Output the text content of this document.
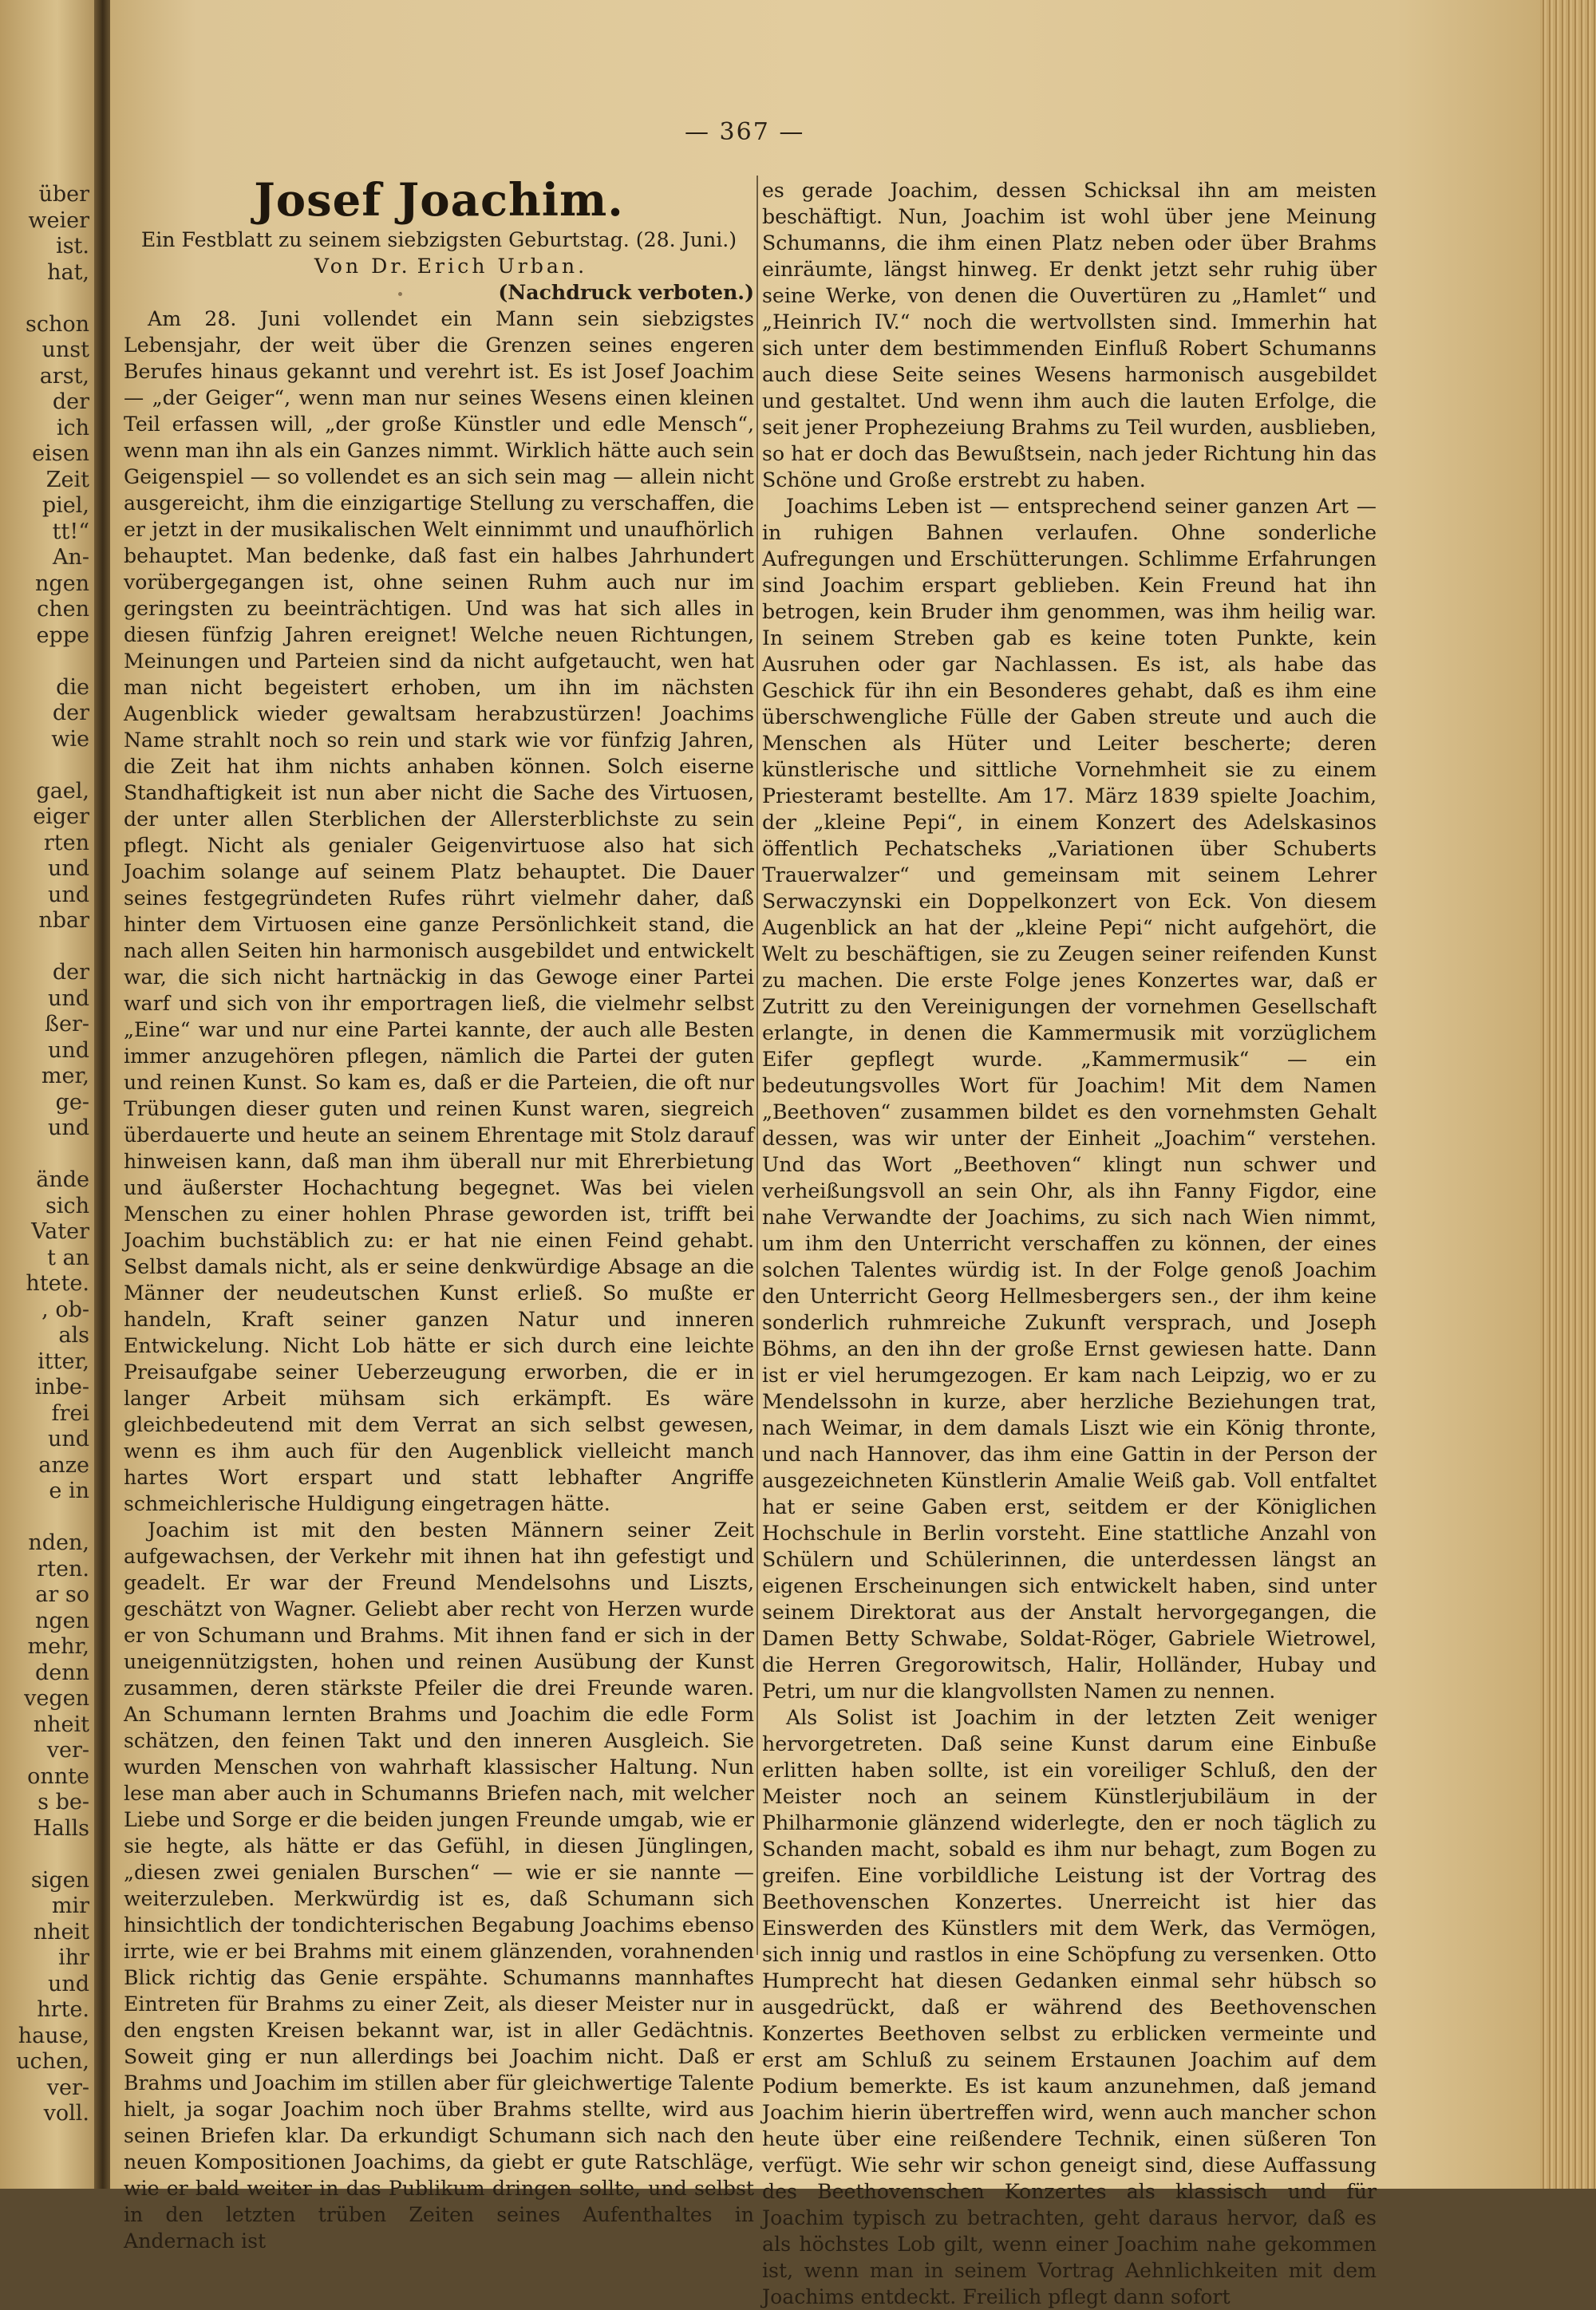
über
weier
ist.
hat,
schon
unst
arst,
der
ich
eisen
Zeit
piel,
tt!“
An-
ngen
chen
eppe
die
der
wie
gael,
eiger
rten
und
und
nbar
der
und
ßer-
und
mer,
ge-
und
ände
sich
Vater
t an
htete.
, ob-
als
itter,
inbe-
frei
und
anze
e in
nden,
rten.
ar so
ngen
mehr,
denn
vegen
nheit
ver-
onnte
s be-
Halls
sigen
mir
nheit
ihr
und
hrte.
hause,
uchen,
ver-
voll.
— 367 —
Josef Joachim.

Ein Festblatt zu seinem siebzigsten Geburtstag. (28. Juni.)

Von Dr. Erich Urban.

(Nachdruck verboten.)

Am 28. Juni vollendet ein Mann sein siebzigstes Lebensjahr, der weit über die Grenzen seines engeren Berufes hinaus gekannt und verehrt ist. Es ist Josef Joachim — „der Geiger“, wenn man nur seines Wesens einen kleinen Teil erfassen will, „der große Künstler und edle Mensch“, wenn man ihn als ein Ganzes nimmt. Wirklich hätte auch sein Geigenspiel — so vollendet es an sich sein mag — allein nicht ausgereicht, ihm die einzigartige Stellung zu verschaffen, die er jetzt in der musikalischen Welt einnimmt und unaufhörlich behauptet. Man bedenke, daß fast ein halbes Jahrhundert vorübergegangen ist, ohne seinen Ruhm auch nur im geringsten zu beeinträchtigen. Und was hat sich alles in diesen fünfzig Jahren ereignet! Welche neuen Richtungen, Meinungen und Parteien sind da nicht aufgetaucht, wen hat man nicht begeistert erhoben, um ihn im nächsten Augenblick wieder gewaltsam herabzustürzen! Joachims Name strahlt noch so rein und stark wie vor fünfzig Jahren, die Zeit hat ihm nichts anhaben können. Solch eiserne Standhaftigkeit ist nun aber nicht die Sache des Virtuosen, der unter allen Sterblichen der Allersterblichste zu sein pflegt. Nicht als genialer Geigenvirtuose also hat sich Joachim solange auf seinem Platz behauptet. Die Dauer seines festgegründeten Rufes rührt vielmehr daher, daß hinter dem Virtuosen eine ganze Persönlichkeit stand, die nach allen Seiten hin harmonisch ausgebildet und entwickelt war, die sich nicht hartnäckig in das Gewoge einer Partei warf und sich von ihr emportragen ließ, die vielmehr selbst „Eine“ war und nur eine Partei kannte, der auch alle Besten immer anzugehören pflegen, nämlich die Partei der guten und reinen Kunst. So kam es, daß er die Parteien, die oft nur Trübungen dieser guten und reinen Kunst waren, siegreich überdauerte und heute an seinem Ehrentage mit Stolz darauf hinweisen kann, daß man ihm überall nur mit Ehrerbietung und äußerster Hochachtung begegnet. Was bei vielen Menschen zu einer hohlen Phrase geworden ist, trifft bei Joachim buchstäblich zu: er hat nie einen Feind gehabt. Selbst damals nicht, als er seine denkwürdige Absage an die Männer der neudeutschen Kunst erließ. So mußte er handeln, Kraft seiner ganzen Natur und inneren Entwickelung. Nicht Lob hätte er sich durch eine leichte Preisaufgabe seiner Ueberzeugung erworben, die er in langer Arbeit mühsam sich erkämpft. Es wäre gleichbedeutend mit dem Verrat an sich selbst gewesen, wenn es ihm auch für den Augenblick vielleicht manch hartes Wort erspart und statt lebhafter Angriffe schmeichlerische Huldigung eingetragen hätte.

Joachim ist mit den besten Männern seiner Zeit aufgewachsen, der Verkehr mit ihnen hat ihn gefestigt und geadelt. Er war der Freund Mendelsohns und Liszts, geschätzt von Wagner. Geliebt aber recht von Herzen wurde er von Schumann und Brahms. Mit ihnen fand er sich in der uneigennützigsten, hohen und reinen Ausübung der Kunst zusammen, deren stärkste Pfeiler die drei Freunde waren. An Schumann lernten Brahms und Joachim die edle Form schätzen, den feinen Takt und den inneren Ausgleich. Sie wurden Menschen von wahrhaft klassischer Haltung. Nun lese man aber auch in Schumanns Briefen nach, mit welcher Liebe und Sorge er die beiden jungen Freunde umgab, wie er sie hegte, als hätte er das Gefühl, in diesen Jünglingen, „diesen zwei genialen Burschen“ — wie er sie nannte — weiterzuleben. Merkwürdig ist es, daß Schumann sich hinsichtlich der tondichterischen Begabung Joachims ebenso irrte, wie er bei Brahms mit einem glänzenden, vorahnenden Blick richtig das Genie erspähte. Schumanns mannhaftes Eintreten für Brahms zu einer Zeit, als dieser Meister nur in den engsten Kreisen bekannt war, ist in aller Gedächtnis. Soweit ging er nun allerdings bei Joachim nicht. Daß er Brahms und Joachim im stillen aber für gleichwertige Talente hielt, ja sogar Joachim noch über Brahms stellte, wird aus seinen Briefen klar. Da erkundigt Schumann sich nach den neuen Kompositionen Joachims, da giebt er gute Ratschläge, wie er bald weiter in das Publikum dringen sollte, und selbst in den letzten trüben Zeiten seines Aufenthaltes in Andernach ist

es gerade Joachim, dessen Schicksal ihn am meisten beschäftigt. Nun, Joachim ist wohl über jene Meinung Schumanns, die ihm einen Platz neben oder über Brahms einräumte, längst hinweg. Er denkt jetzt sehr ruhig über seine Werke, von denen die Ouvertüren zu „Hamlet“ und „Heinrich IV.“ noch die wertvollsten sind. Immerhin hat sich unter dem bestimmenden Einfluß Robert Schumanns auch diese Seite seines Wesens harmonisch ausgebildet und gestaltet. Und wenn ihm auch die lauten Erfolge, die seit jener Prophezeiung Brahms zu Teil wurden, ausblieben, so hat er doch das Bewußtsein, nach jeder Richtung hin das Schöne und Große erstrebt zu haben.

Joachims Leben ist — entsprechend seiner ganzen Art — in ruhigen Bahnen verlaufen. Ohne sonderliche Aufregungen und Erschütterungen. Schlimme Erfahrungen sind Joachim erspart geblieben. Kein Freund hat ihn betrogen, kein Bruder ihm genommen, was ihm heilig war. In seinem Streben gab es keine toten Punkte, kein Ausruhen oder gar Nachlassen. Es ist, als habe das Geschick für ihn ein Besonderes gehabt, daß es ihm eine überschwengliche Fülle der Gaben streute und auch die Menschen als Hüter und Leiter bescherte; deren künstlerische und sittliche Vornehmheit sie zu einem Priesteramt bestellte. Am 17. März 1839 spielte Joachim, der „kleine Pepi“, in einem Konzert des Adelskasinos öffentlich Pechatscheks „Variationen über Schuberts Trauerwalzer“ und gemeinsam mit seinem Lehrer Serwaczynski ein Doppelkonzert von Eck. Von diesem Augenblick an hat der „kleine Pepi“ nicht aufgehört, die Welt zu beschäftigen, sie zu Zeugen seiner reifenden Kunst zu machen. Die erste Folge jenes Konzertes war, daß er Zutritt zu den Vereinigungen der vornehmen Gesellschaft erlangte, in denen die Kammermusik mit vorzüglichem Eifer gepflegt wurde. „Kammermusik“ — ein bedeutungsvolles Wort für Joachim! Mit dem Namen „Beethoven“ zusammen bildet es den vornehmsten Gehalt dessen, was wir unter der Einheit „Joachim“ verstehen. Und das Wort „Beethoven“ klingt nun schwer und verheißungsvoll an sein Ohr, als ihn Fanny Figdor, eine nahe Verwandte der Joachims, zu sich nach Wien nimmt, um ihm den Unterricht verschaffen zu können, der eines solchen Talentes würdig ist. In der Folge genoß Joachim den Unterricht Georg Hellmesbergers sen., der ihm keine sonderlich ruhmreiche Zukunft versprach, und Joseph Böhms, an den ihn der große Ernst gewiesen hatte. Dann ist er viel herumgezogen. Er kam nach Leipzig, wo er zu Mendelssohn in kurze, aber herzliche Beziehungen trat, nach Weimar, in dem damals Liszt wie ein König thronte, und nach Hannover, das ihm eine Gattin in der Person der ausgezeichneten Künstlerin Amalie Weiß gab. Voll entfaltet hat er seine Gaben erst, seitdem er der Königlichen Hochschule in Berlin vorsteht. Eine stattliche Anzahl von Schülern und Schülerinnen, die unterdessen längst an eigenen Erscheinungen sich entwickelt haben, sind unter seinem Direktorat aus der Anstalt hervorgegangen, die Damen Betty Schwabe, Soldat-Röger, Gabriele Wietrowel, die Herren Gregorowitsch, Halir, Holländer, Hubay und Petri, um nur die klangvollsten Namen zu nennen.

Als Solist ist Joachim in der letzten Zeit weniger hervorgetreten. Daß seine Kunst darum eine Einbuße erlitten haben sollte, ist ein voreiliger Schluß, den der Meister noch an seinem Künstlerjubiläum in der Philharmonie glänzend widerlegte, den er noch täglich zu Schanden macht, sobald es ihm nur behagt, zum Bogen zu greifen. Eine vorbildliche Leistung ist der Vortrag des Beethovenschen Konzertes. Unerreicht ist hier das Einswerden des Künstlers mit dem Werk, das Vermögen, sich innig und rastlos in eine Schöpfung zu versenken. Otto Humprecht hat diesen Gedanken einmal sehr hübsch so ausgedrückt, daß er während des Beethovenschen Konzertes Beethoven selbst zu erblicken vermeinte und erst am Schluß zu seinem Erstaunen Joachim auf dem Podium bemerkte. Es ist kaum anzunehmen, daß jemand Joachim hierin übertreffen wird, wenn auch mancher schon heute über eine reißendere Technik, einen süßeren Ton verfügt. Wie sehr wir schon geneigt sind, diese Auffassung des Beethovenschen Konzertes als klassisch und für Joachim typisch zu betrachten, geht daraus hervor, daß es als höchstes Lob gilt, wenn einer Joachim nahe gekommen ist, wenn man in seinem Vortrag Aehnlichkeiten mit dem Joachims entdeckt. Freilich pflegt dann sofort
